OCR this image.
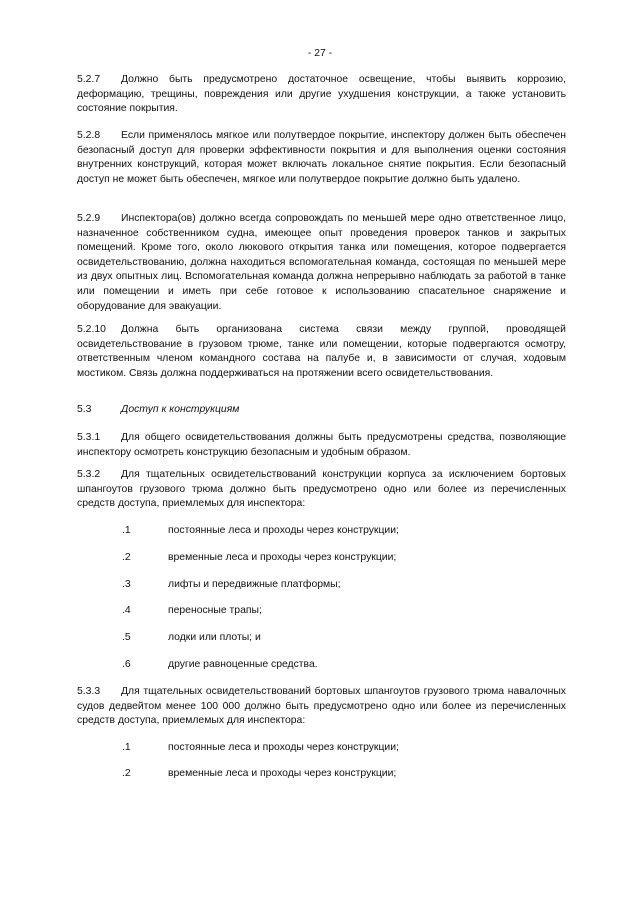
- 27 -

5.2.7 Должно быть предусмотрено достаточное освещение, чтобы выявить коррозию, деформацию, трещины, повреждения или другие ухудшения конструкции, а также установить состояние покрытия.

5.2.8 Если применялось мягкое или полутвердое покрытие, инспектору должен быть обеспечен безопасный доступ для проверки эффективности покрытия и для выполнения оценки состояния внутренних конструкций, которая может включать локальное снятие покрытия. Если безопасный доступ не может быть обеспечен, мягкое или полутвердое покрытие должно быть удалено.

5.2.9 Инспектора(ов) должно всегда сопровождать по меньшей мере одно ответственное лицо, назначенное собственником судна, имеющее опыт проведения проверок танков и закрытых помещений. Кроме того, около люкового открытия танка или помещения, которое подвергается освидетельствованию, должна находиться вспомогательная команда, состоящая по меньшей мере из двух опытных лиц. Вспомогательная команда должна непрерывно наблюдать за работой в танке или помещении и иметь при себе готовое к использованию спасательное снаряжение и оборудование для эвакуации.

5.2.10 Должна быть организована система связи между группой, проводящей освидетельствование в грузовом трюме, танке или помещении, которые подвергаются осмотру, ответственным членом командного состава на палубе и, в зависимости от случая, ходовым мостиком. Связь должна поддерживаться на протяжении всего освидетельствования.

5.3	Доступ к конструкциям

5.3.1 Для общего освидетельствования должны быть предусмотрены средства, позволяющие инспектору осмотреть конструкцию безопасным и удобным образом.

5.3.2 Для тщательных освидетельствований конструкции корпуса за исключением бортовых шпангоутов грузового трюма должно быть предусмотрено одно или более из перечисленных средств доступа, приемлемых для инспектора:

.1	постоянные леса и проходы через конструкции;
.2	временные леса и проходы через конструкции;
.3	лифты и передвижные платформы;
.4	переносные трапы;
.5	лодки или плоты; и
.6	другие равноценные средства.

5.3.3 Для тщательных освидетельствований бортовых шпангоутов грузового трюма навалочных судов дедвейтом менее 100 000 должно быть предусмотрено одно или более из перечисленных средств доступа, приемлемых для инспектора:

.1	постоянные леса и проходы через конструкции;
.2	временные леса и проходы через конструкции;
